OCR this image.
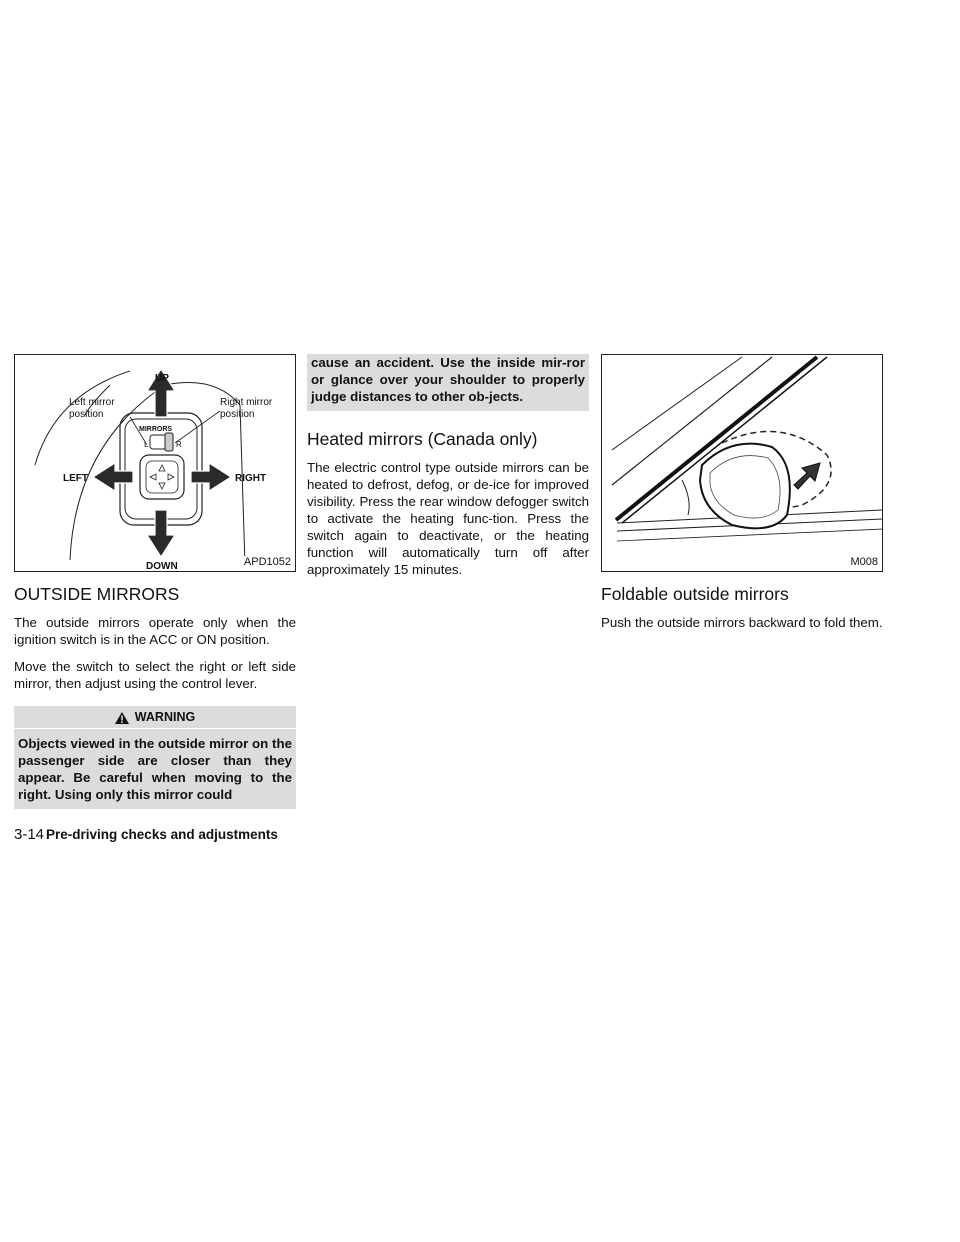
UP
DOWN
LEFT	RIGHT
MIRRORS
L	R
Left mirror
position
Right mirror
position
APD1052
OUTSIDE MIRRORS

The outside mirrors operate only when the ignition switch is in the ACC or ON position.

Move the switch to select the right or left side mirror, then adjust using the control lever.

WARNING
Objects viewed in the outside mirror on the passenger side are closer than they appear. Be careful when moving to the right. Using only this mirror could
cause an accident. Use the inside mir-ror or glance over your shoulder to properly judge distances to other ob-jects.
Heated mirrors (Canada only)

The electric control type outside mirrors can be heated to defrost, defog, or de-ice for improved visibility. Press the rear window defogger switch to activate the heating func-tion. Press the switch again to deactivate, or the heating function will automatically turn off after approximately 15 minutes.	M008
Foldable outside mirrors

Push the outside mirrors backward to fold them.

3-14 Pre-driving checks and adjustments
